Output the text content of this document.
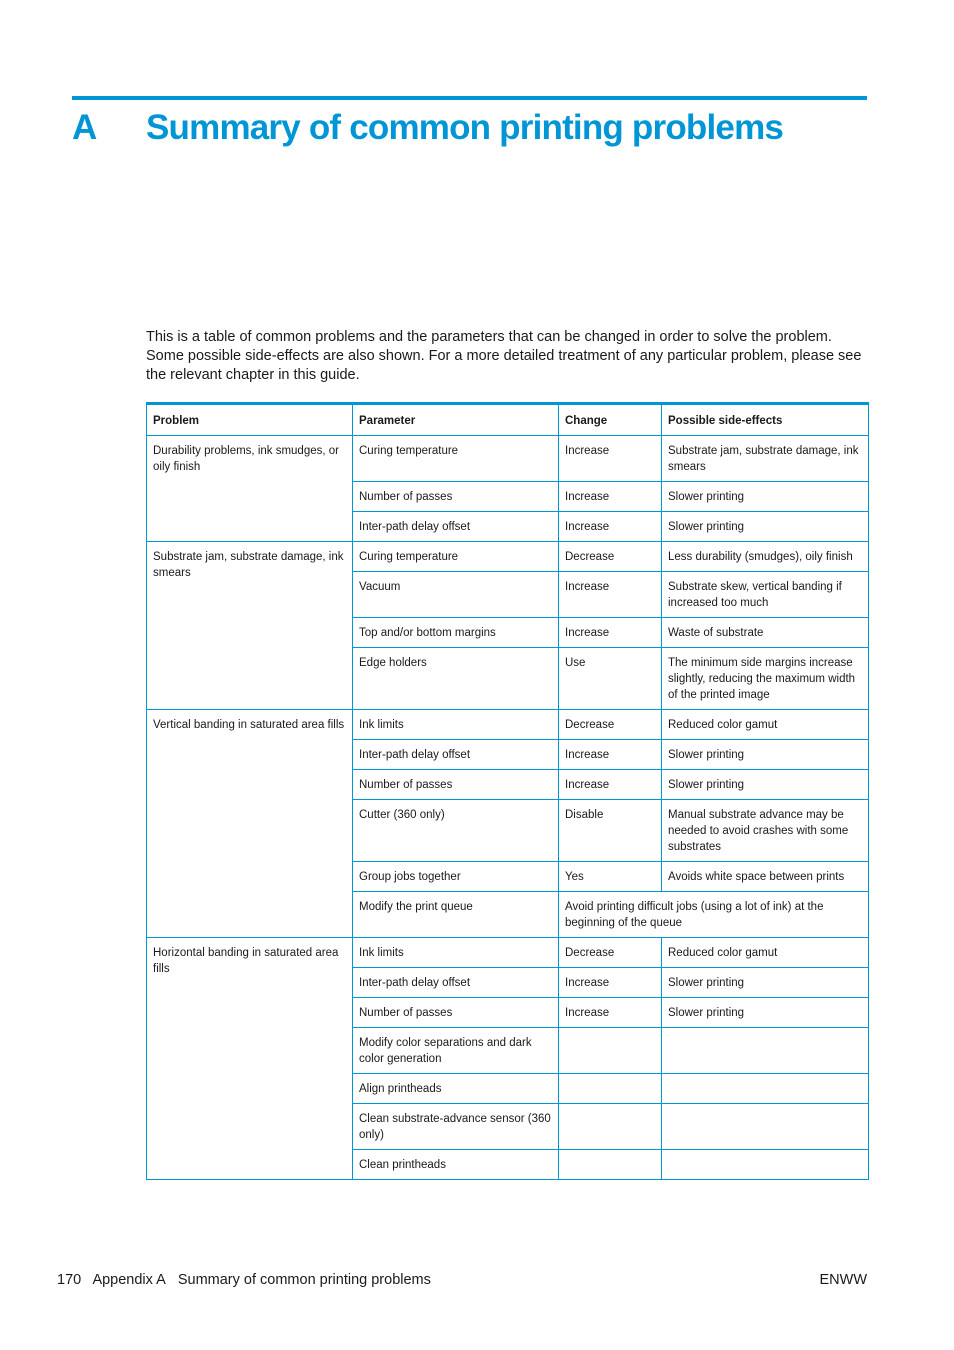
A Summary of common printing problems

This is a table of common problems and the parameters that can be changed in order to solve the problem. Some possible side-effects are also shown. For a more detailed treatment of any particular problem, please see the relevant chapter in this guide.

Problem	Parameter	Change	Possible side-effects
Durability problems, ink smudges, or oily finish	Curing temperature	Increase	Substrate jam, substrate damage, ink smears
	Number of passes	Increase	Slower printing
	Inter-path delay offset	Increase	Slower printing
Substrate jam, substrate damage, ink smears	Curing temperature	Decrease	Less durability (smudges), oily finish
	Vacuum	Increase	Substrate skew, vertical banding if increased too much
	Top and/or bottom margins	Increase	Waste of substrate
	Edge holders	Use	The minimum side margins increase slightly, reducing the maximum width of the printed image
Vertical banding in saturated area fills	Ink limits	Decrease	Reduced color gamut
	Inter-path delay offset	Increase	Slower printing
	Number of passes	Increase	Slower printing
	Cutter (360 only)	Disable	Manual substrate advance may be needed to avoid crashes with some substrates
	Group jobs together	Yes	Avoids white space between prints
	Modify the print queue	Avoid printing difficult jobs (using a lot of ink) at the beginning of the queue	
Horizontal banding in saturated area fills	Ink limits	Decrease	Reduced color gamut
	Inter-path delay offset	Increase	Slower printing
	Number of passes	Increase	Slower printing
	Modify color separations and dark color generation		
	Align printheads		
	Clean substrate-advance sensor (360 only)		
	Clean printheads		
170 Appendix A Summary of common printing problems	ENWW
